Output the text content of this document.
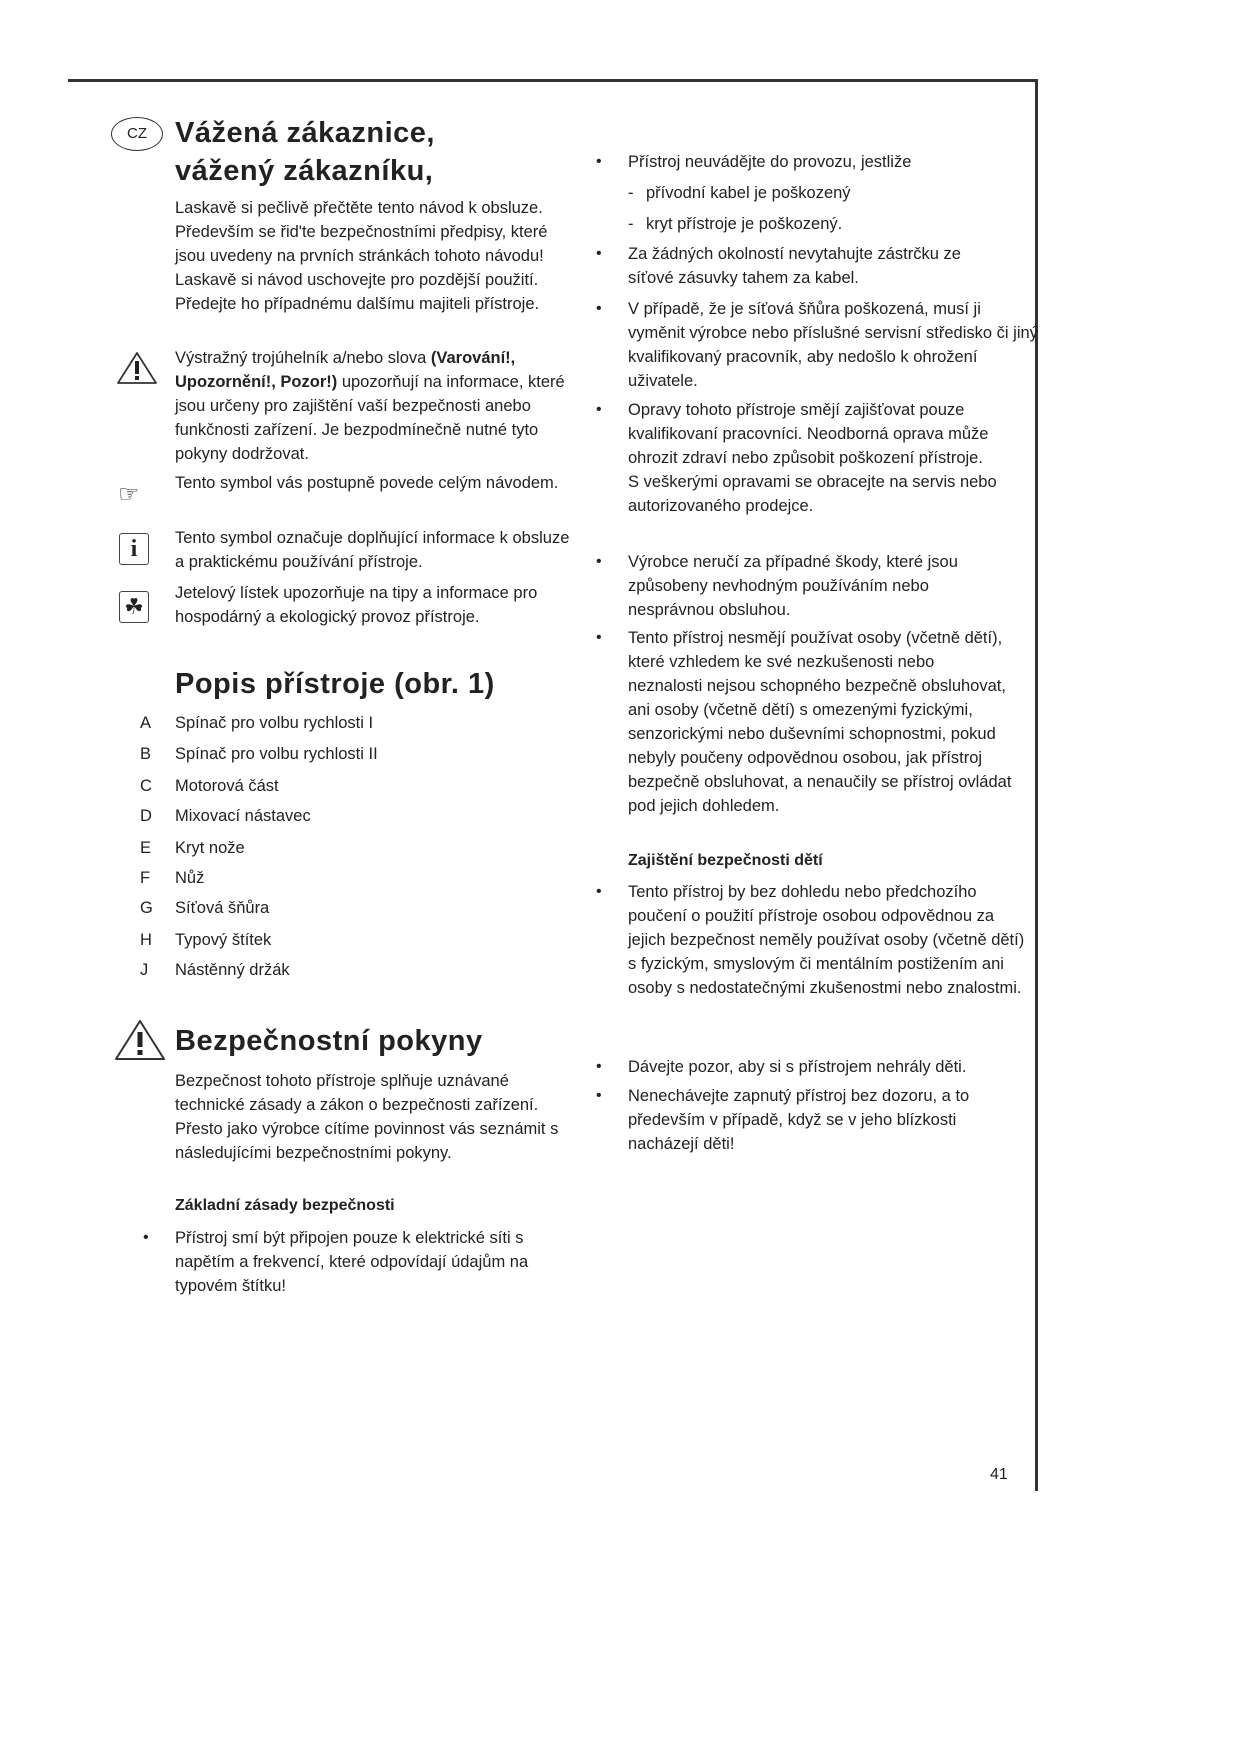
CZ Vážená zákaznice, vážený zákazníku,
Laskavě si pečlivě přečtěte tento návod k obsluze. Především se řid'te bezpečnostními předpisy, které jsou uvedeny na prvních stránkách tohoto návodu! Laskavě si návod uschovejte pro pozdější použití. Předejte ho případnému dalšímu majiteli přístroje.
Výstražný trojúhelník a/nebo slova (Varování!, Upozornění!, Pozor!) upozorňují na informace, které jsou určeny pro zajištění vaší bezpečnosti anebo funkčnosti zařízení. Je bezpodmínečně nutné tyto pokyny dodržovat.
☞ Tento symbol vás postupně povede celým návodem.
i	Tento symbol označuje doplňující informace k obsluze a praktickému používání přístroje.
☘
Jetelový lístek upozorňuje na tipy a informace pro hospodárný a ekologický provoz přístroje.
Popis přístroje (obr. 1)
A Spínač pro volbu rychlosti I
B Spínač pro volbu rychlosti II
C Motorová část
D Mixovací nástavec
E Kryt nože
F Nůž
G Síťová šňůra
H Typový štítek
J Nástěnný držák
Bezpečnostní pokyny
Bezpečnost tohoto přístroje splňuje uznávané technické zásady a zákon o bezpečnosti zařízení. Přesto jako výrobce cítíme povinnost vás seznámit s následujícími bezpečnostními pokyny.
Základní zásady bezpečnosti
• Přístroj smí být připojen pouze k elektrické síti s napětím a frekvencí, které odpovídají údajům na typovém štítku!
• Přístroj neuvádějte do provozu, jestliže
- přívodní kabel je poškozený
- kryt přístroje je poškozený.
• Za žádných okolností nevytahujte zástrčku ze síťové zásuvky tahem za kabel.
• V případě, že je síťová šňůra poškozená, musí ji vyměnit výrobce nebo příslušné servisní středisko či jiný kvalifikovaný pracovník, aby nedošlo k ohrožení uživatele.
• Opravy tohoto přístroje smějí zajišťovat pouze kvalifikovaní pracovníci. Neodborná oprava může ohrozit zdraví nebo způsobit poškození přístroje. S veškerými opravami se obracejte na servis nebo autorizovaného prodejce.
• Výrobce neručí za případné škody, které jsou způsobeny nevhodným používáním nebo nesprávnou obsluhou.
• Tento přístroj nesmějí používat osoby (včetně dětí), které vzhledem ke své nezkušenosti nebo neznalosti nejsou schopného bezpečně obsluhovat, ani osoby (včetně dětí) s omezenými fyzickými, senzorickými nebo duševními schopnostmi, pokud nebyly poučeny odpovědnou osobou, jak přístroj bezpečně obsluhovat, a nenaučily se přístroj ovládat pod jejich dohledem.
Zajištění bezpečnosti dětí
• Tento přístroj by bez dohledu nebo předchozího poučení o použití přístroje osobou odpovědnou za jejich bezpečnost neměly používat osoby (včetně dětí) s fyzickým, smyslovým či mentálním postižením ani osoby s nedostatečnými zkušenostmi nebo znalostmi.
• Dávejte pozor, aby si s přístrojem nehrály děti.
• Nenechávejte zapnutý přístroj bez dozoru, a to především v případě, když se v jeho blízkosti nacházejí děti!
41
